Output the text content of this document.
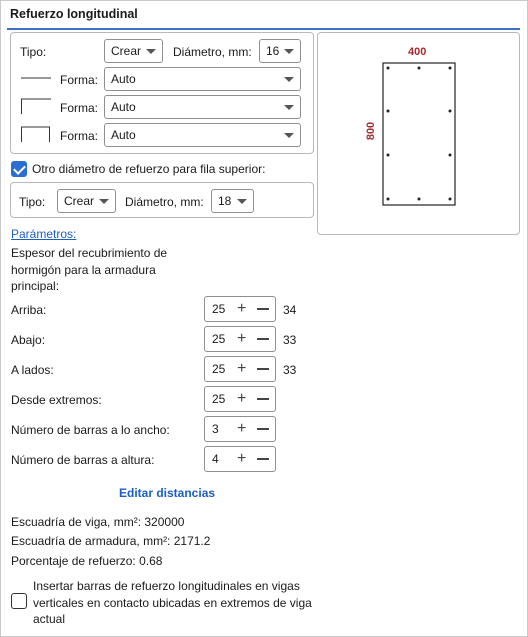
Refuerzo longitudinal
Tipo:	Crear	Diámetro, mm:	16
Forma:	Auto
Forma:	Auto
Forma:	Auto
Otro diámetro de refuerzo para fila superior:
Tipo:	Crear	Diámetro, mm:	18
400
800
Parámetros:
Espesor del recubrimiento de hormigón para la armadura principal:
Arriba:	25 +	34
Abajo:	25 +	33
A lados:	25 +	33
Desde extremos:	25 +
Número de barras a lo ancho:	3 +
Número de barras a altura:	4 +
Editar distancias
Escuadría de viga, mm²: 320000
Escuadría de armadura, mm²: 2171.2
Porcentaje de refuerzo: 0.68
Insertar barras de refuerzo longitudinales en vigas verticales en contacto ubicadas en extremos de viga actual
